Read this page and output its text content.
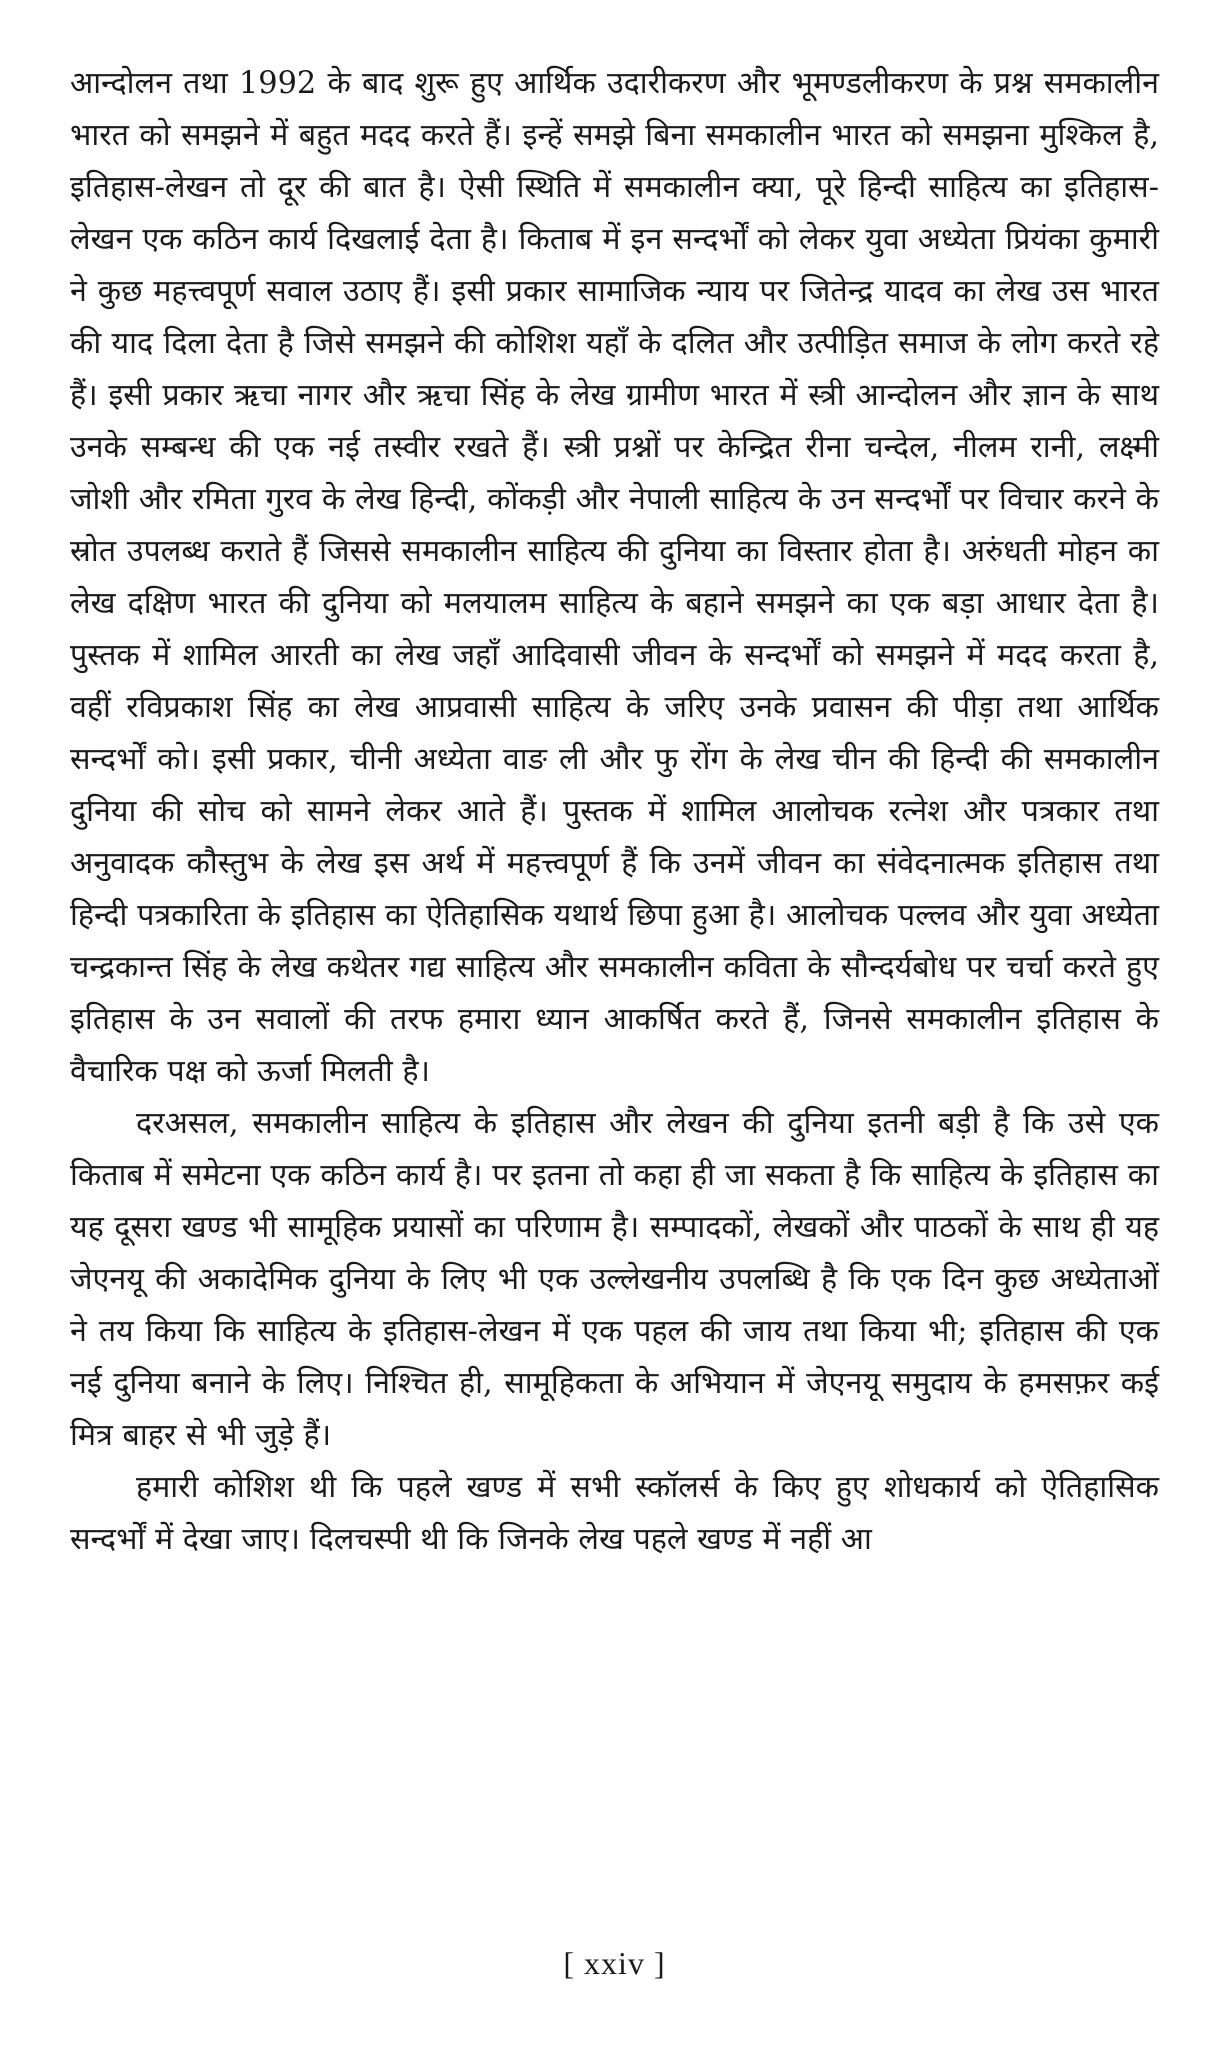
आन्दोलन तथा 1992 के बाद शुरू हुए आर्थिक उदारीकरण और भूमण्डलीकरण के प्रश्न समकालीन भारत को समझने में बहुत मदद करते हैं। इन्हें समझे बिना समकालीन भारत को समझना मुश्किल है, इतिहास-लेखन तो दूर की बात है। ऐसी स्थिति में समकालीन क्या, पूरे हिन्दी साहित्य का इतिहास-लेखन एक कठिन कार्य दिखलाई देता है। किताब में इन सन्दर्भों को लेकर युवा अध्येता प्रियंका कुमारी ने कुछ महत्त्वपूर्ण सवाल उठाए हैं। इसी प्रकार सामाजिक न्याय पर जितेन्द्र यादव का लेख उस भारत की याद दिला देता है जिसे समझने की कोशिश यहाँ के दलित और उत्पीड़ित समाज के लोग करते रहे हैं। इसी प्रकार ऋचा नागर और ऋचा सिंह के लेख ग्रामीण भारत में स्त्री आन्दोलन और ज्ञान के साथ उनके सम्बन्ध की एक नई तस्वीर रखते हैं। स्त्री प्रश्नों पर केन्द्रित रीना चन्देल, नीलम रानी, लक्ष्मी जोशी और रमिता गुरव के लेख हिन्दी, कोंकड़ी और नेपाली साहित्य के उन सन्दर्भों पर विचार करने के स्रोत उपलब्ध कराते हैं जिससे समकालीन साहित्य की दुनिया का विस्तार होता है। अरुंधती मोहन का लेख दक्षिण भारत की दुनिया को मलयालम साहित्य के बहाने समझने का एक बड़ा आधार देता है। पुस्तक में शामिल आरती का लेख जहाँ आदिवासी जीवन के सन्दर्भों को समझने में मदद करता है, वहीं रविप्रकाश सिंह का लेख आप्रवासी साहित्य के जरिए उनके प्रवासन की पीड़ा तथा आर्थिक सन्दर्भों को। इसी प्रकार, चीनी अध्येता वाङ ली और फु रोंग के लेख चीन की हिन्दी की समकालीन दुनिया की सोच को सामने लेकर आते हैं। पुस्तक में शामिल आलोचक रत्नेश और पत्रकार तथा अनुवादक कौस्तुभ के लेख इस अर्थ में महत्त्वपूर्ण हैं कि उनमें जीवन का संवेदनात्मक इतिहास तथा हिन्दी पत्रकारिता के इतिहास का ऐतिहासिक यथार्थ छिपा हुआ है। आलोचक पल्लव और युवा अध्येता चन्द्रकान्त सिंह के लेख कथेतर गद्य साहित्य और समकालीन कविता के सौन्दर्यबोध पर चर्चा करते हुए इतिहास के उन सवालों की तरफ हमारा ध्यान आकर्षित करते हैं, जिनसे समकालीन इतिहास के वैचारिक पक्ष को ऊर्जा मिलती है।

दरअसल, समकालीन साहित्य के इतिहास और लेखन की दुनिया इतनी बड़ी है कि उसे एक किताब में समेटना एक कठिन कार्य है। पर इतना तो कहा ही जा सकता है कि साहित्य के इतिहास का यह दूसरा खण्ड भी सामूहिक प्रयासों का परिणाम है। सम्पादकों, लेखकों और पाठकों के साथ ही यह जेएनयू की अकादेमिक दुनिया के लिए भी एक उल्लेखनीय उपलब्धि है कि एक दिन कुछ अध्येताओं ने तय किया कि साहित्य के इतिहास-लेखन में एक पहल की जाय तथा किया भी; इतिहास की एक नई दुनिया बनाने के लिए। निश्चित ही, सामूहिकता के अभियान में जेएनयू समुदाय के हमसफ़र कई मित्र बाहर से भी जुड़े हैं।

हमारी कोशिश थी कि पहले खण्ड में सभी स्कॉलर्स के किए हुए शोधकार्य को ऐतिहासिक सन्दर्भों में देखा जाए। दिलचस्पी थी कि जिनके लेख पहले खण्ड में नहीं आ

[ xxiv ]
